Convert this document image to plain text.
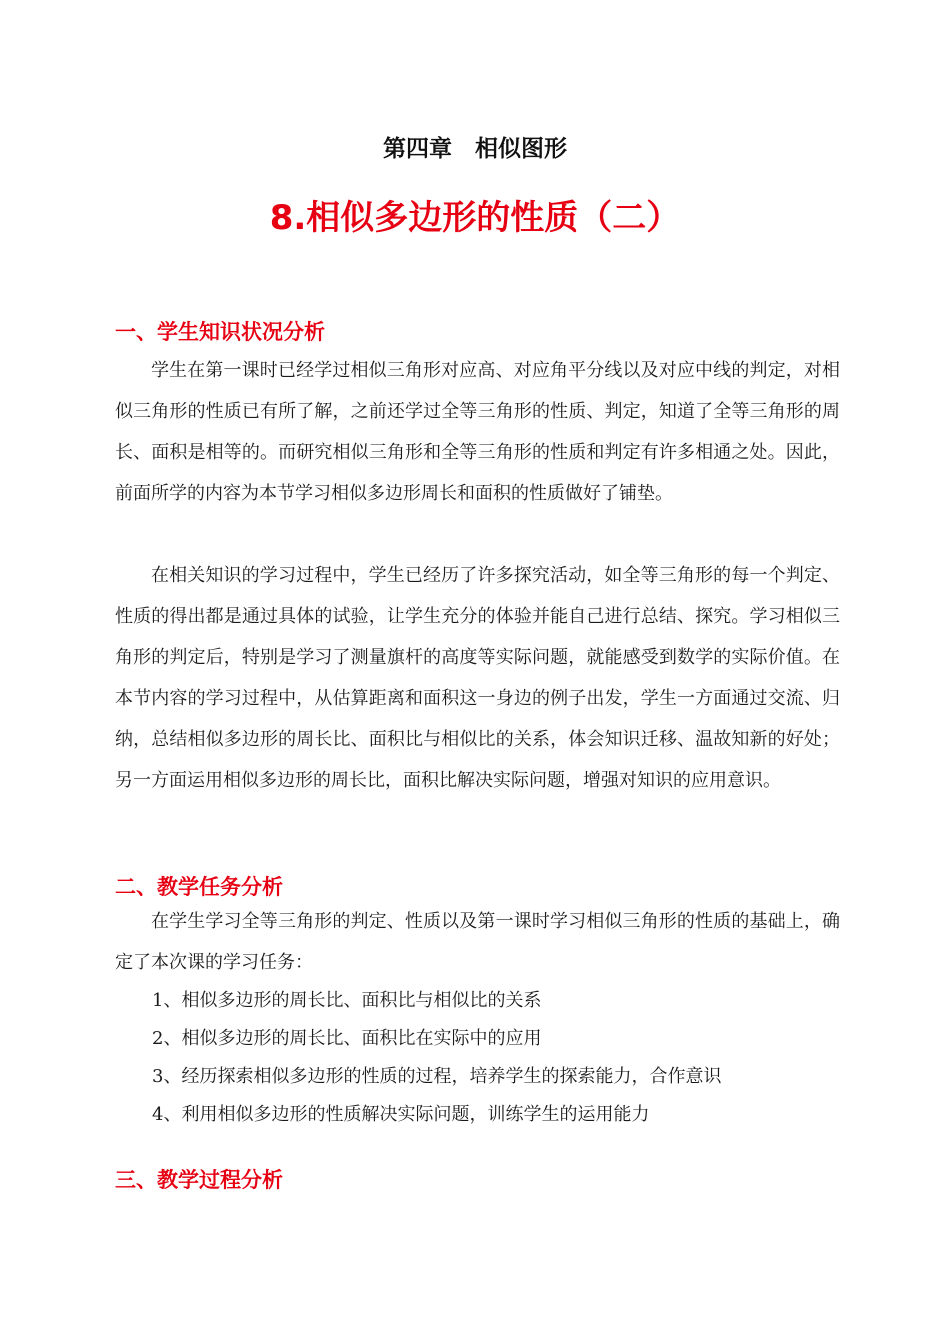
第四章　相似图形
8.相似多边形的性质（二）
一、学生知识状况分析

学生在第一课时已经学过相似三角形对应高、对应角平分线以及对应中线的判定，对相似三角形的性质已有所了解，之前还学过全等三角形的性质、判定，知道了全等三角形的周长、面积是相等的。而研究相似三角形和全等三角形的性质和判定有许多相通之处。因此，前面所学的内容为本节学习相似多边形周长和面积的性质做好了铺垫。

在相关知识的学习过程中，学生已经历了许多探究活动，如全等三角形的每一个判定、性质的得出都是通过具体的试验，让学生充分的体验并能自己进行总结、探究。学习相似三角形的判定后，特别是学习了测量旗杆的高度等实际问题，就能感受到数学的实际价值。在本节内容的学习过程中，从估算距离和面积这一身边的例子出发，学生一方面通过交流、归纳，总结相似多边形的周长比、面积比与相似比的关系，体会知识迁移、温故知新的好处；另一方面运用相似多边形的周长比，面积比解决实际问题，增强对知识的应用意识。

二、教学任务分析

在学生学习全等三角形的判定、性质以及第一课时学习相似三角形的性质的基础上，确定了本次课的学习任务：

1、相似多边形的周长比、面积比与相似比的关系

2、相似多边形的周长比、面积比在实际中的应用

3、经历探索相似多边形的性质的过程，培养学生的探索能力，合作意识

4、利用相似多边形的性质解决实际问题，训练学生的运用能力

三、教学过程分析
